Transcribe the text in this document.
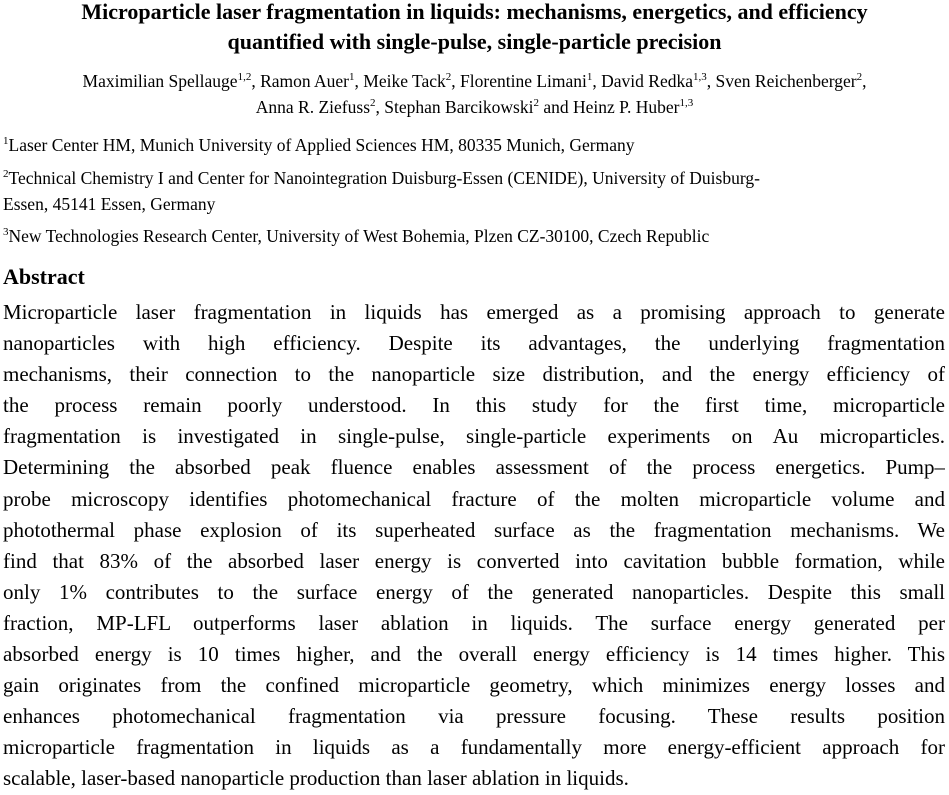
Microparticle laser fragmentation in liquids: mechanisms, energetics, and efficiency
quantified with single-pulse, single-particle precision
Maximilian Spellauge$^{1,2}$, Ramon Auer$^1$, Meike Tack$^2$, Florentine Limani$^1$, David Redka$^{1,3}$, Sven Reichenberger$^2$,
Anna R. Ziefuss$^2$, Stephan Barcikowski$^2$ and Heinz P. Huber$^{1,3}$
$^1$Laser Center HM, Munich University of Applied Sciences HM, 80335 Munich, Germany
$^2$Technical Chemistry I and Center for Nanointegration Duisburg-Essen (CENIDE), University of Duisburg-
Essen, 45141 Essen, Germany
$^3$New Technologies Research Center, University of West Bohemia, Plzen CZ-30100, Czech Republic
Abstract
Microparticle laser fragmentation in liquids has emerged as a promising approach to generate
nanoparticles with high efficiency. Despite its advantages, the underlying fragmentation
mechanisms, their connection to the nanoparticle size distribution, and the energy efficiency of
the process remain poorly understood. In this study for the first time, microparticle
fragmentation is investigated in single-pulse, single-particle experiments on Au microparticles.
Determining the absorbed peak fluence enables assessment of the process energetics. Pump–
probe microscopy identifies photomechanical fracture of the molten microparticle volume and
photothermal phase explosion of its superheated surface as the fragmentation mechanisms. We
find that 83% of the absorbed laser energy is converted into cavitation bubble formation, while
only 1% contributes to the surface energy of the generated nanoparticles. Despite this small
fraction, MP-LFL outperforms laser ablation in liquids. The surface energy generated per
absorbed energy is 10 times higher, and the overall energy efficiency is 14 times higher. This
gain originates from the confined microparticle geometry, which minimizes energy losses and
enhances photomechanical fragmentation via pressure focusing. These results position
microparticle fragmentation in liquids as a fundamentally more energy-efficient approach for
scalable, laser-based nanoparticle production than laser ablation in liquids.
